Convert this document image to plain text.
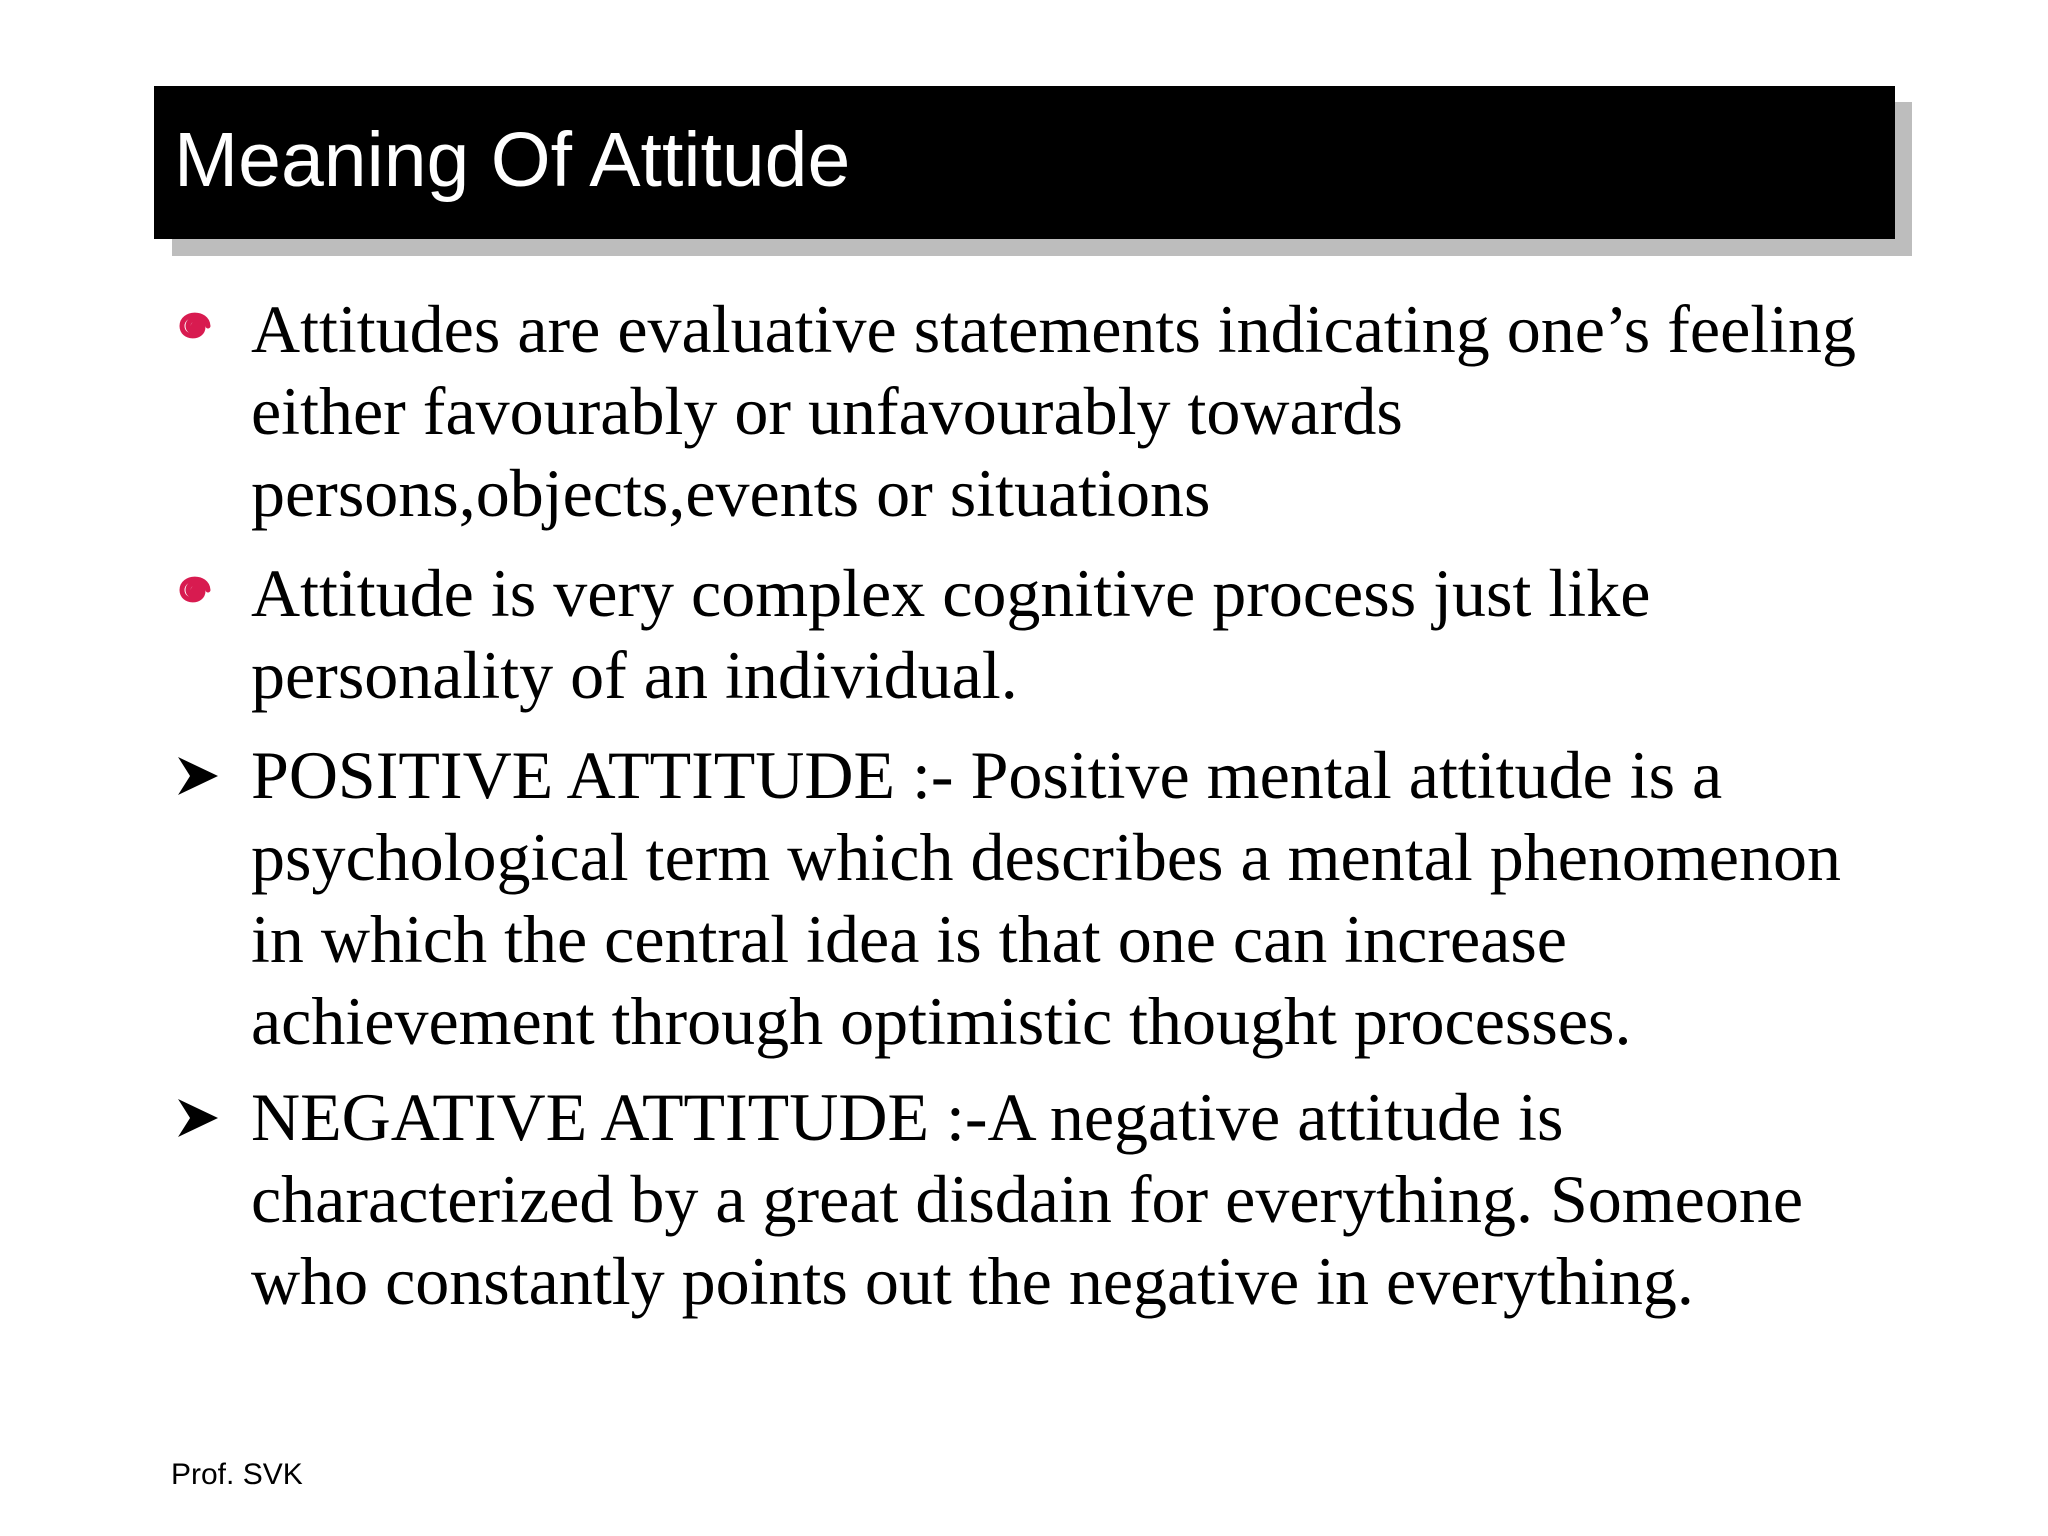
Meaning Of Attitude
Attitudes are evaluative statements indicating one’s feeling either favourably or unfavourably towards persons,objects,events or situations
Attitude is very complex cognitive process just like personality of an individual.
POSITIVE ATTITUDE :- Positive mental attitude is a psychological term which describes a mental phenomenon in which the central idea is that one can increase achievement through optimistic thought processes.
NEGATIVE ATTITUDE :-A negative attitude is characterized by a great disdain for everything. Someone who constantly points out the negative in everything.
Prof. SVK
